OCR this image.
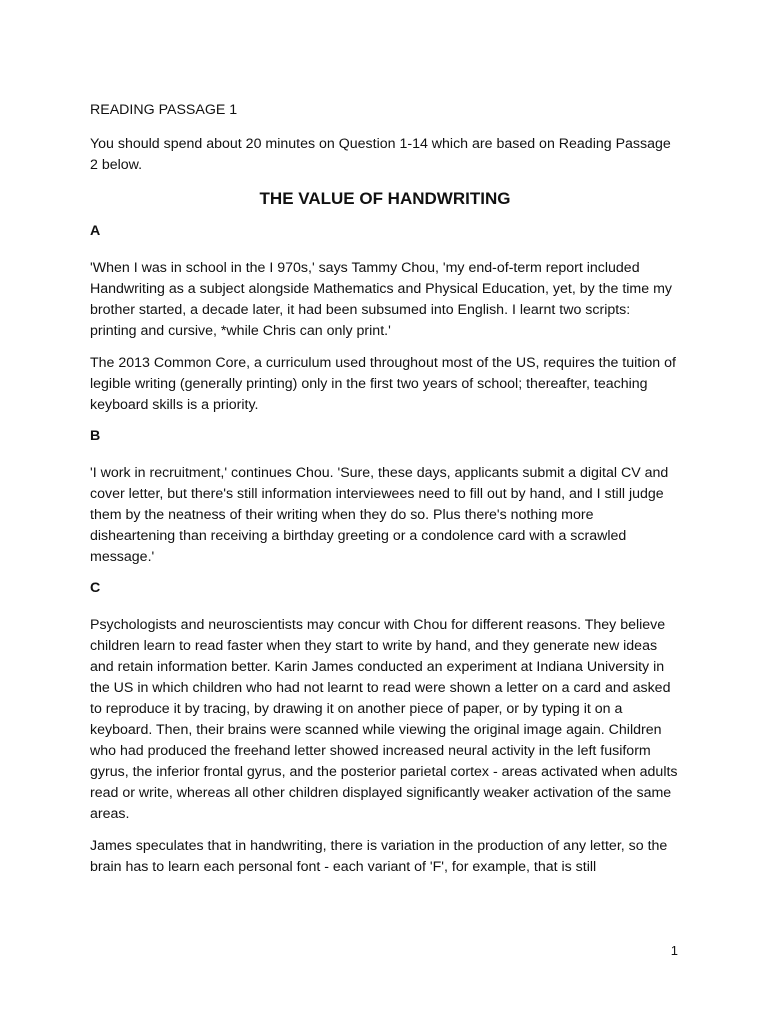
READING PASSAGE 1

You should spend about 20 minutes on Question 1-14 which are based on Reading Passage 2 below.

THE VALUE OF HANDWRITING

A

'When I was in school in the I 970s,' says Tammy Chou, 'my end-of-term report included Handwriting as a subject alongside Mathematics and Physical Education, yet, by the time my brother started, a decade later, it had been subsumed into English. I learnt two scripts: printing and cursive, *while Chris can only print.'

The 2013 Common Core, a curriculum used throughout most of the US, requires the tuition of legible writing (generally printing) only in the first two years of school; thereafter, teaching keyboard skills is a priority.

B

'I work in recruitment,' continues Chou. 'Sure, these days, applicants submit a digital CV and cover letter, but there's still information interviewees need to fill out by hand, and I still judge them by the neatness of their writing when they do so. Plus there's nothing more disheartening than receiving a birthday greeting or a condolence card with a scrawled message.'

C

Psychologists and neuroscientists may concur with Chou for different reasons. They believe children learn to read faster when they start to write by hand, and they generate new ideas and retain information better. Karin James conducted an experiment at Indiana University in the US in which children who had not learnt to read were shown a letter on a card and asked to reproduce it by tracing, by drawing it on another piece of paper, or by typing it on a keyboard. Then, their brains were scanned while viewing the original image again. Children who had produced the freehand letter showed increased neural activity in the left fusiform gyrus, the inferior frontal gyrus, and the posterior parietal cortex - areas activated when adults read or write, whereas all other children displayed significantly weaker activation of the same areas.

James speculates that in handwriting, there is variation in the production of any letter, so the brain has to learn each personal font - each variant of 'F', for example, that is still

1
